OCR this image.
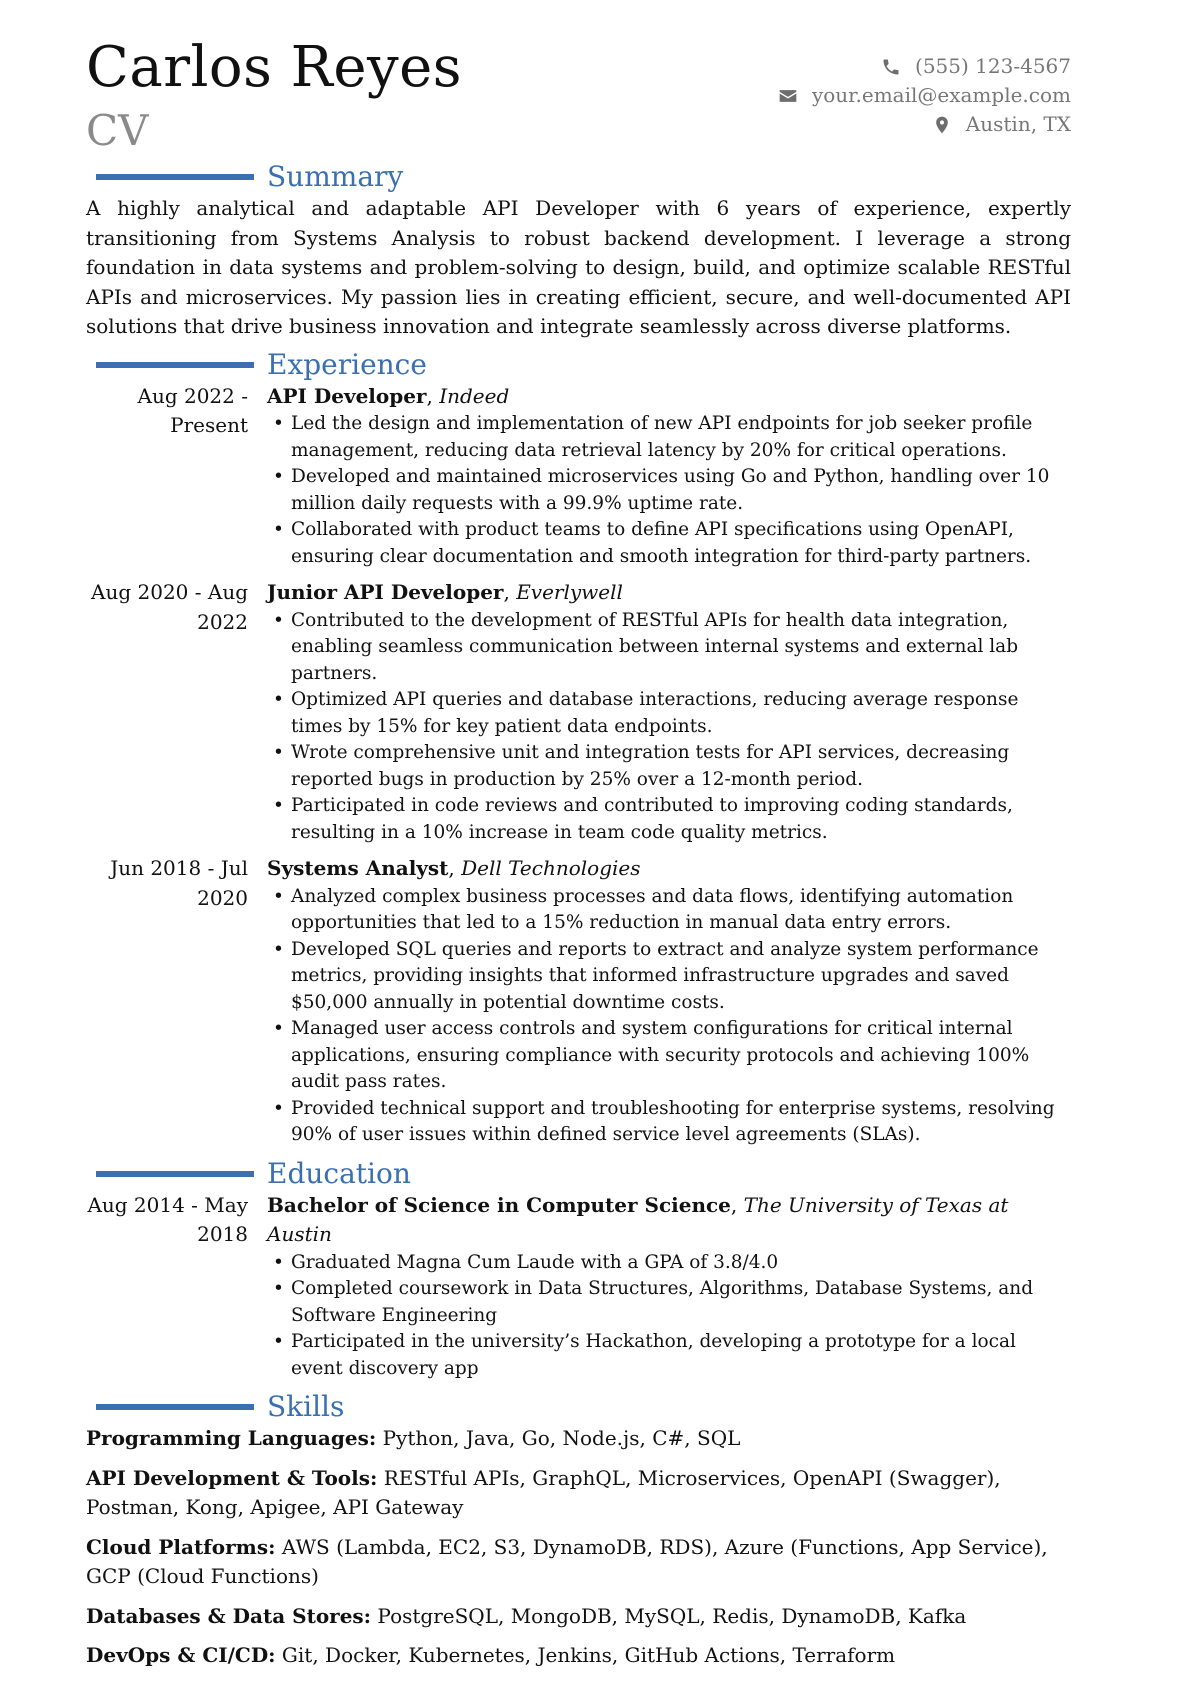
Carlos Reyes
CV
(555) 123-4567
your.email@example.com
Austin, TX
Summary

A highly analytical and adaptable API Developer with 6 years of experience, expertly transitioning from Systems Analysis to robust backend development. I leverage a strong foundation in data systems and problem-solving to design, build, and optimize scalable RESTful APIs and microservices. My passion lies in creating efficient, secure, and well-documented API solutions that drive business innovation and integrate seamlessly across diverse platforms.

Experience
Aug 2022 - Present
API Developer, Indeed
• Led the design and implementation of new API endpoints for job seeker profile management, reducing data retrieval latency by 20% for critical operations.
• Developed and maintained microservices using Go and Python, handling over 10 million daily requests with a 99.9% uptime rate.
• Collaborated with product teams to define API specifications using OpenAPI, ensuring clear documentation and smooth integration for third-party partners.
Aug 2020 - Aug 2022
Junior API Developer, Everlywell
• Contributed to the development of RESTful APIs for health data integration, enabling seamless communication between internal systems and external lab partners.
• Optimized API queries and database interactions, reducing average response times by 15% for key patient data endpoints.
• Wrote comprehensive unit and integration tests for API services, decreasing reported bugs in production by 25% over a 12-month period.
• Participated in code reviews and contributed to improving coding standards, resulting in a 10% increase in team code quality metrics.
Jun 2018 - Jul 2020
Systems Analyst, Dell Technologies
• Analyzed complex business processes and data flows, identifying automation opportunities that led to a 15% reduction in manual data entry errors.
• Developed SQL queries and reports to extract and analyze system performance metrics, providing insights that informed infrastructure upgrades and saved $50,000 annually in potential downtime costs.
• Managed user access controls and system configurations for critical internal applications, ensuring compliance with security protocols and achieving 100% audit pass rates.
• Provided technical support and troubleshooting for enterprise systems, resolving 90% of user issues within defined service level agreements (SLAs).
Education
Aug 2014 - May 2018
Bachelor of Science in Computer Science, The University of Texas at Austin
• Graduated Magna Cum Laude with a GPA of 3.8/4.0
• Completed coursework in Data Structures, Algorithms, Database Systems, and Software Engineering
• Participated in the university’s Hackathon, developing a prototype for a local event discovery app
Skills
Programming Languages: Python, Java, Go, Node.js, C#, SQL
API Development & Tools: RESTful APIs, GraphQL, Microservices, OpenAPI (Swagger), Postman, Kong, Apigee, API Gateway
Cloud Platforms: AWS (Lambda, EC2, S3, DynamoDB, RDS), Azure (Functions, App Service), GCP (Cloud Functions)
Databases & Data Stores: PostgreSQL, MongoDB, MySQL, Redis, DynamoDB, Kafka
DevOps & CI/CD: Git, Docker, Kubernetes, Jenkins, GitHub Actions, Terraform
